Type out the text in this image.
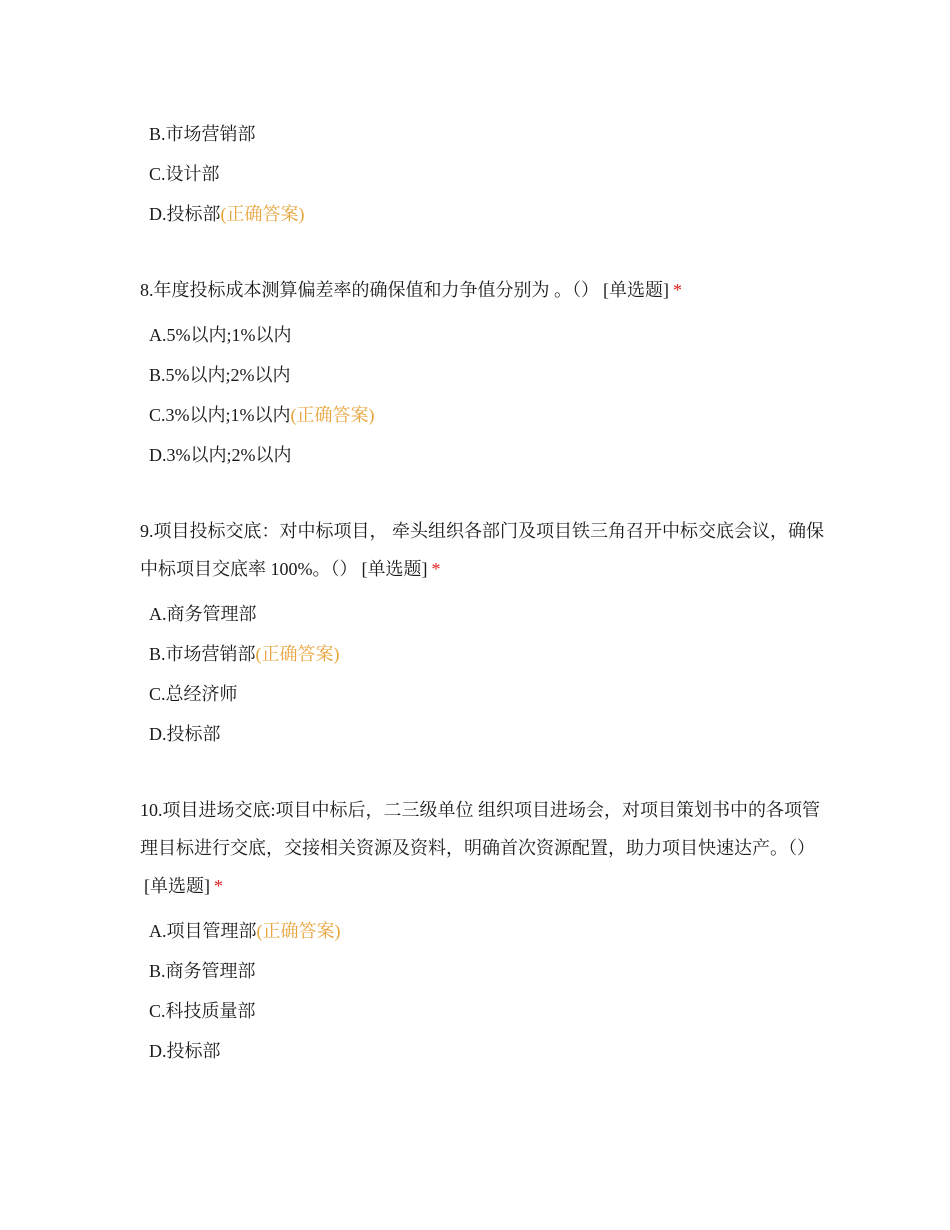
B.市场营销部
C.设计部
D.投标部(正确答案)

8.年度投标成本测算偏差率的确保值和力争值分别为 。（） [单选题] *

A.5%以内;1%以内
B.5%以内;2%以内
C.3%以内;1%以内(正确答案)
D.3%以内;2%以内

9.项目投标交底：对中标项目， 牵头组织各部门及项目铁三角召开中标交底会议，确保中标项目交底率 100%。（） [单选题] *

A.商务管理部
B.市场营销部(正确答案)
C.总经济师
D.投标部

10.项目进场交底:项目中标后，二三级单位 组织项目进场会，对项目策划书中的各项管理目标进行交底，交接相关资源及资料，明确首次资源配置，助力项目快速达产。（）[单选题] *

A.项目管理部(正确答案)
B.商务管理部
C.科技质量部
D.投标部
